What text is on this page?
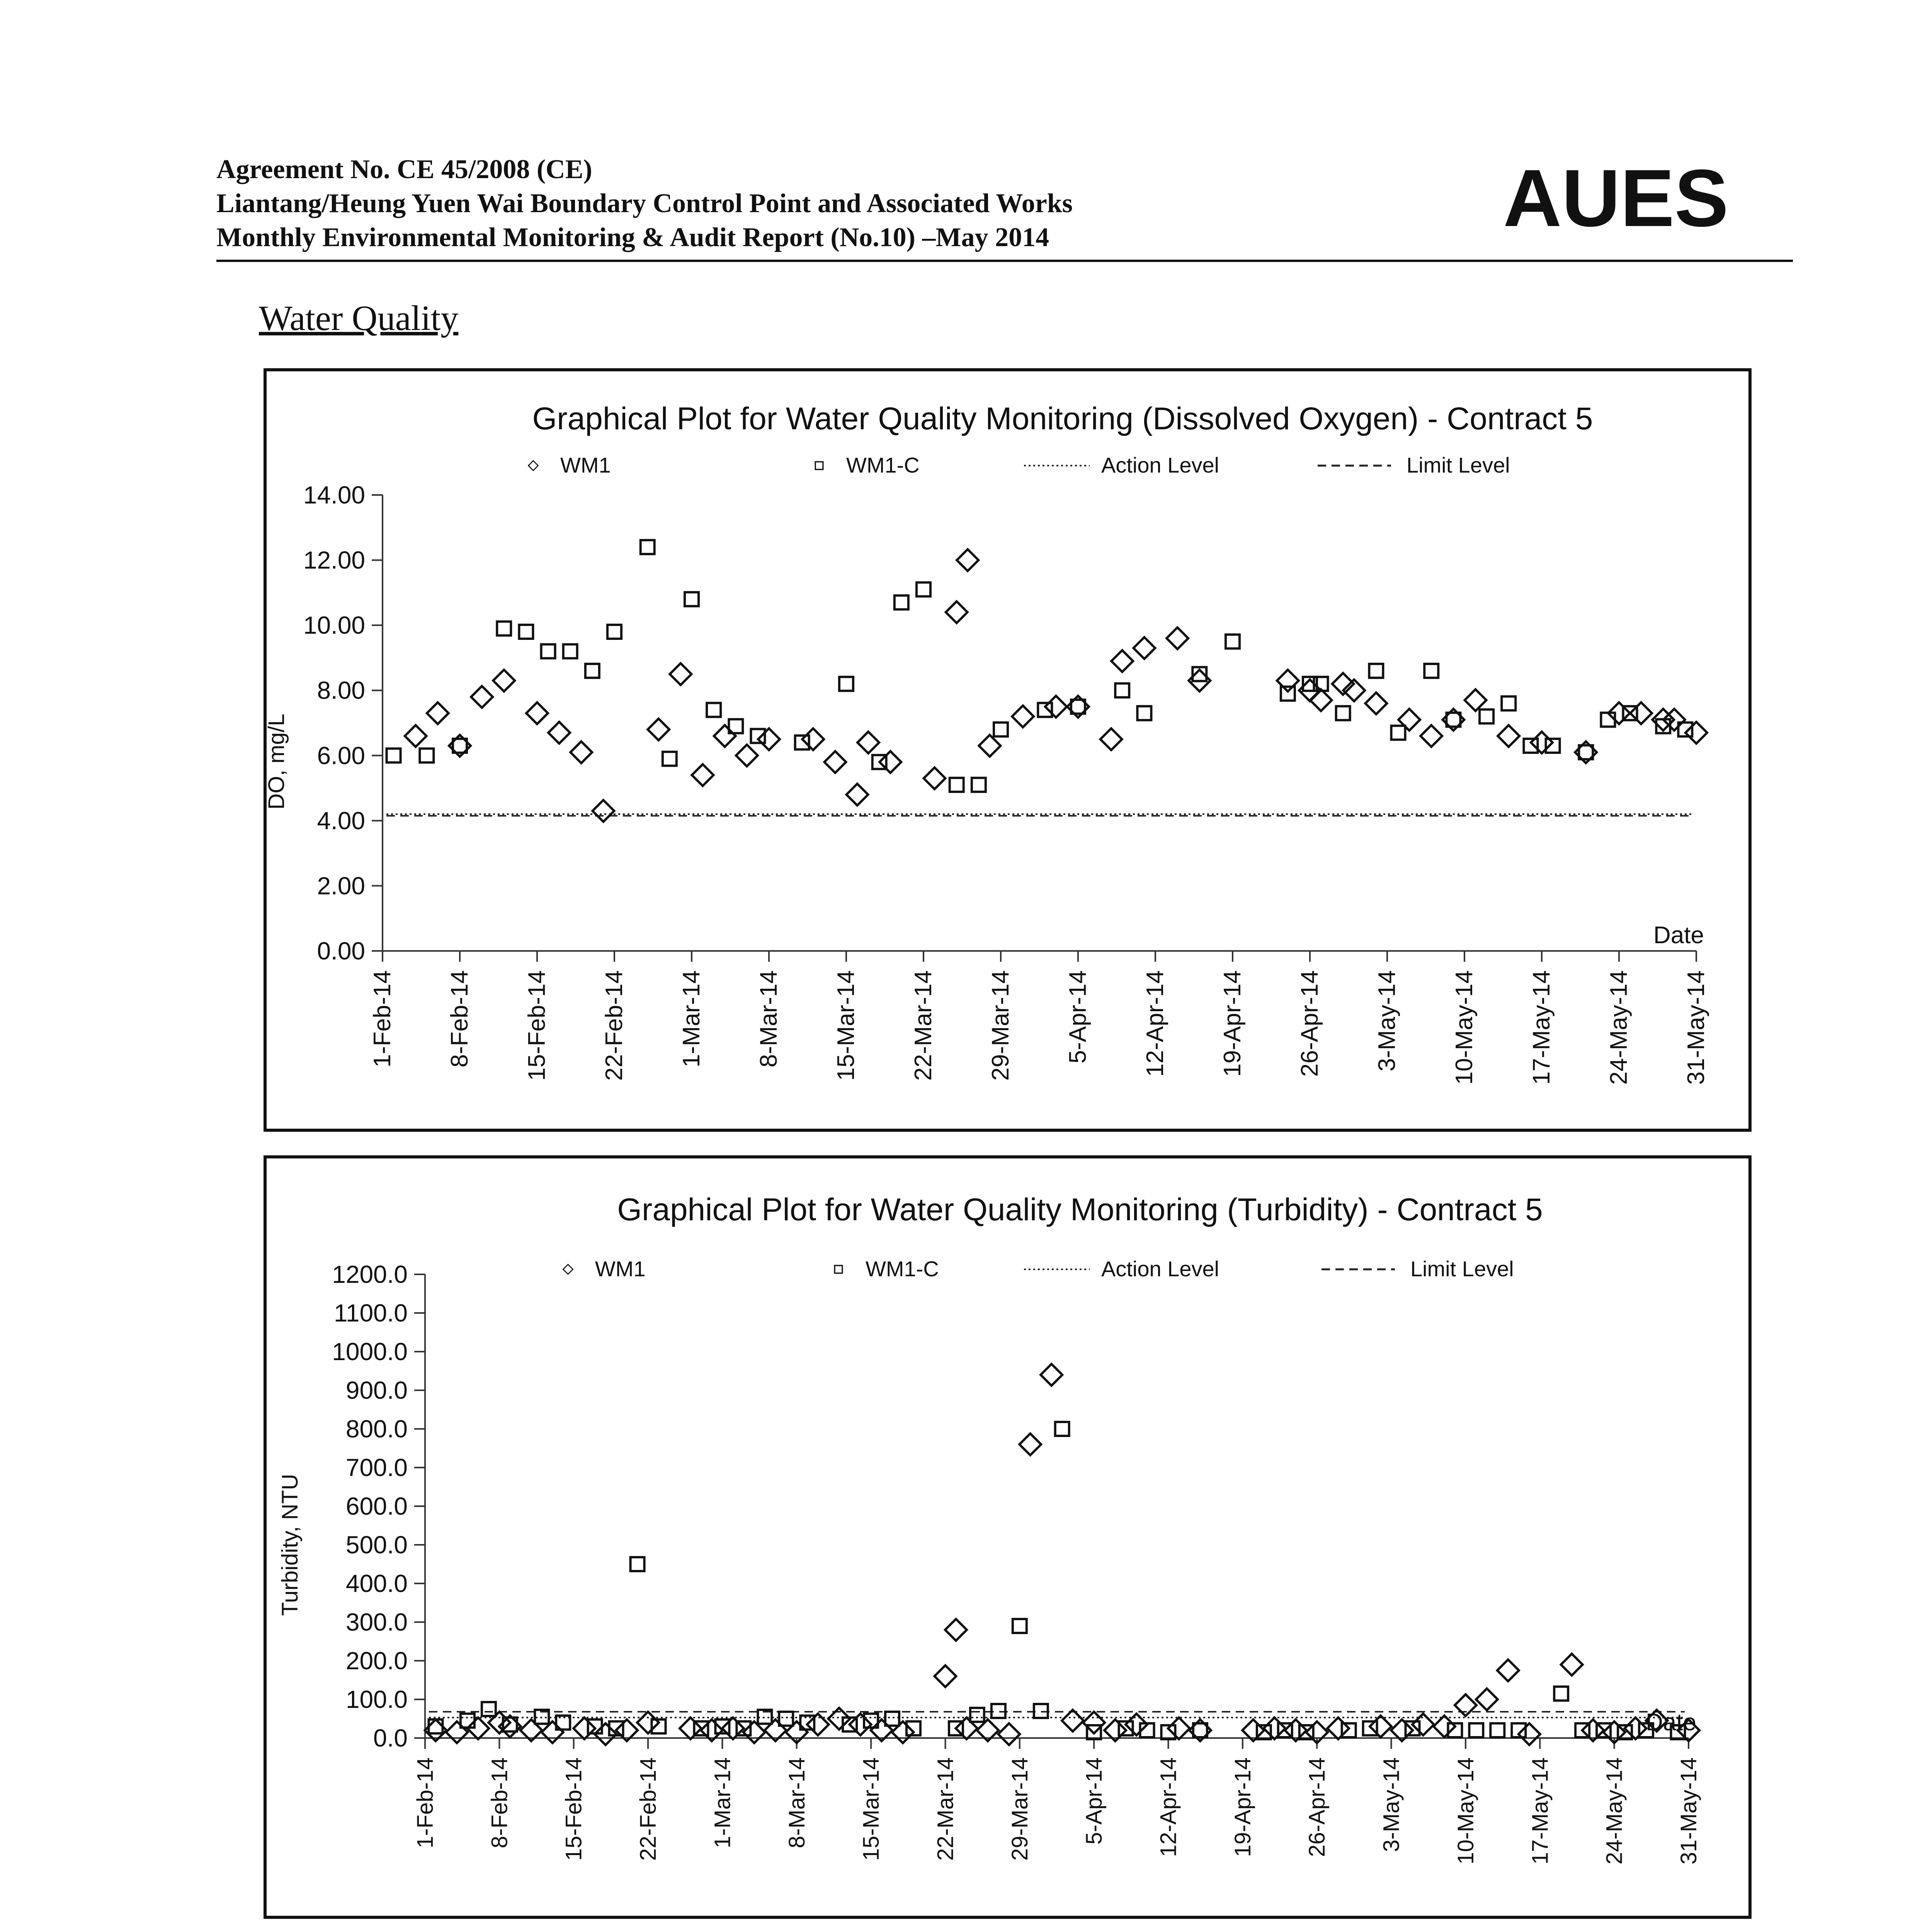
Agreement No. CE 45/2008 (CE)
Liantang/Heung Yuen Wai Boundary Control Point and Associated Works
Monthly Environmental Monitoring & Audit Report (No.10) –May 2014	AUES
Water Quality
Graphical Plot for Water Quality Monitoring (Dissolved Oxygen) - Contract 5
0.00
2.00
4.00
6.00
8.00
10.00
12.00
14.00
DO, mg/L
1-Feb-14 8-Feb-14 15-Feb-14 22-Feb-14 1-Mar-14 8-Mar-14 15-Mar-14 22-Mar-14 29-Mar-14 5-Apr-14 12-Apr-14 19-Apr-14 26-Apr-14 3-May-14 10-May-14 17-May-14 24-May-14 31-May-14
Date
WM1	WM1-C	Action Level	Limit Level
Graphical Plot for Water Quality Monitoring (Turbidity) - Contract 5
0.0
100.0
200.0
300.0
400.0
500.0
600.0
700.0
800.0
900.0
1000.0
1100.0
1200.0
Turbidity, NTU
1-Feb-14 8-Feb-14 15-Feb-14 22-Feb-14 1-Mar-14 8-Mar-14 15-Mar-14 22-Mar-14 29-Mar-14 5-Apr-14 12-Apr-14 19-Apr-14 26-Apr-14 3-May-14 10-May-14 17-May-14 24-May-14 31-May-14
Date
WM1	WM1-C	Action Level	Limit Level
